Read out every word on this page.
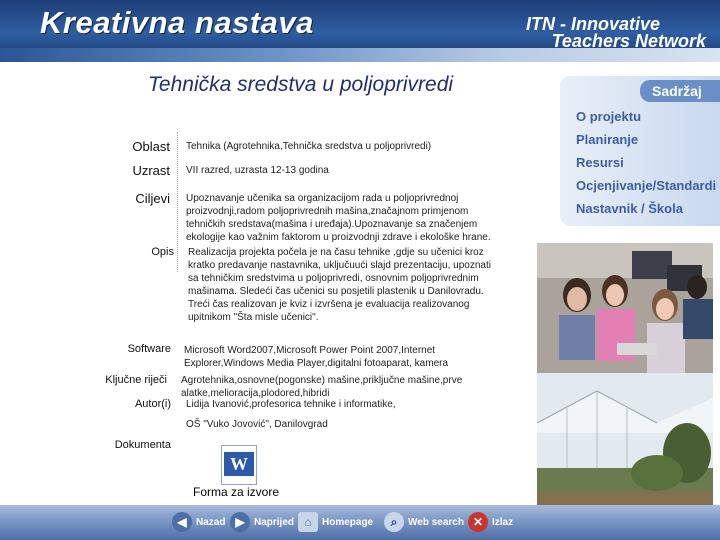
Kreativna nastava	ITN - Innovative
Teachers Network
Tehnička sredstva u poljoprivredi	Sadržaj
O projektu
Planiranje
Resursi
Ocjenjivanje/Standardi
Nastavnik / Škola
Oblast Tehnika (Agrotehnika,Tehnička sredstva u poljoprivredi)
Uzrast VII razred, uzrasta 12-13 godina
Ciljevi Upoznavanje učenika sa organizacijom rada u poljoprivrednoj
proizvodnji,radom poljoprivrednih mašina,značajnom primjenom
tehničkih sredstava(mašina i uređaja).Upoznavanje sa značenjem
ekologije kao važnim faktorom u proizvodnji zdrave i ekološke hrane.
Opis Realizacija projekta počela je na času tehnike ,gdje su učenici kroz
kratko predavanje nastavnika, uključuući slajd prezentaciju, upoznati
sa tehničkim sredstvima u poljoprivredi, osnovnim poljoprivrednim
mašinama. Sledeći čas učenici su posjetili plastenik u Danilovradu.
Treći čas realizovan je kviz i izvršena je evaluacija realizovanog
upitnikom "Šta misle učenici".
Software Microsoft Word2007,Microsoft Power Point 2007,Internet
Explorer,Windows Media Player,digitalni fotoaparat, kamera
Ključne riječi Agrotehnika,osnovne(pogonske) mašine,priključne mašine,prve
alatke,melioracija,plodored,hibridi
Autor(i) Lidija Ivanović,profesorica tehnike i informatike,
OŠ "Vuko Jovović", Danilovgrad
Dokumenta
W
Forma za izvore
◀ Nazad ▶ Naprijed ⌂	Homepage	⌕	Web search ✕ Izlaz
